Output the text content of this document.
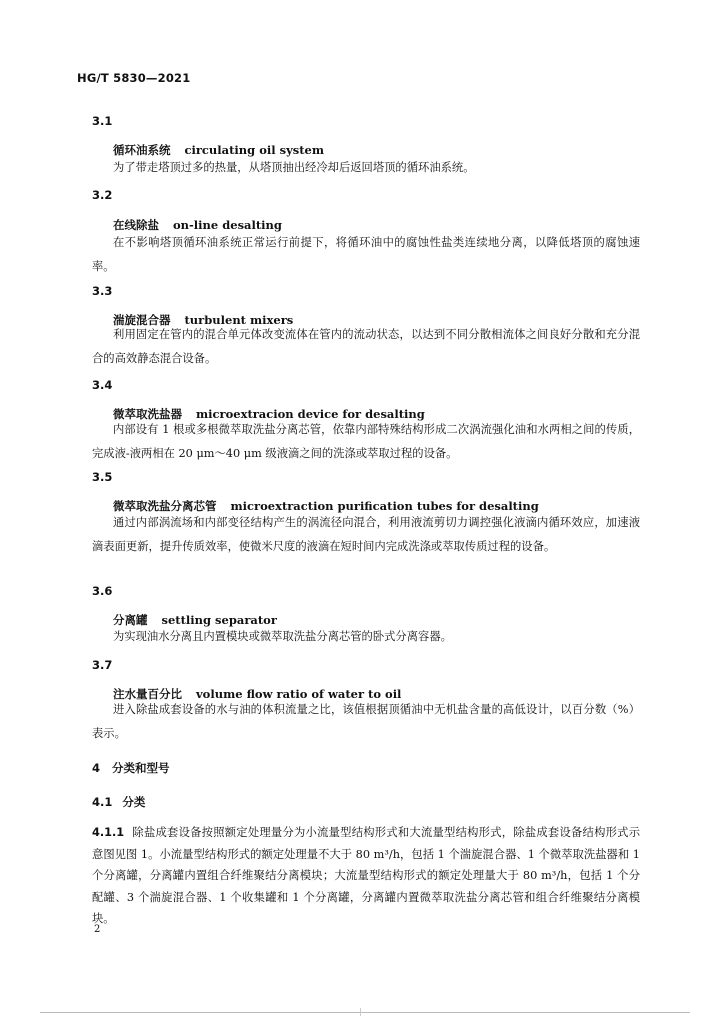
HG/T 5830—2021
3.1
循环油系统 circulating oil system
为了带走塔顶过多的热量，从塔顶抽出经冷却后返回塔顶的循环油系统。
3.2
在线除盐 on-line desalting
在不影响塔顶循环油系统正常运行前提下，将循环油中的腐蚀性盐类连续地分离，以降低塔顶的腐蚀速率。
3.3
湍旋混合器 turbulent mixers
利用固定在管内的混合单元体改变流体在管内的流动状态，以达到不同分散相流体之间良好分散和充分混合的高效静态混合设备。
3.4
微萃取洗盐器 microextracion device for desalting
内部设有 1 根或多根微萃取洗盐分离芯管，依靠内部特殊结构形成二次涡流强化油和水两相之间的传质，完成液-液两相在 20 μm～40 μm 级液滴之间的洗涤或萃取过程的设备。
3.5
微萃取洗盐分离芯管 microextraction purification tubes for desalting
通过内部涡流场和内部变径结构产生的涡流径向混合，利用液流剪切力调控强化液滴内循环效应，加速液滴表面更新，提升传质效率，使微米尺度的液滴在短时间内完成洗涤或萃取传质过程的设备。
3.6
分离罐 settling separator
为实现油水分离且内置模块或微萃取洗盐分离芯管的卧式分离容器。
3.7
注水量百分比 volume flow ratio of water to oil
进入除盐成套设备的水与油的体积流量之比，该值根据顶循油中无机盐含量的高低设计，以百分数（%）表示。
4 分类和型号
4.1 分类
4.1.1 除盐成套设备按照额定处理量分为小流量型结构形式和大流量型结构形式，除盐成套设备结构形式示意图见图 1。小流量型结构形式的额定处理量不大于 80 m³/h，包括 1 个湍旋混合器、1 个微萃取洗盐器和 1 个分离罐，分离罐内置组合纤维聚结分离模块；大流量型结构形式的额定处理量大于 80 m³/h，包括 1 个分配罐、3 个湍旋混合器、1 个收集罐和 1 个分离罐，分离罐内置微萃取洗盐分离芯管和组合纤维聚结分离模块。
2
